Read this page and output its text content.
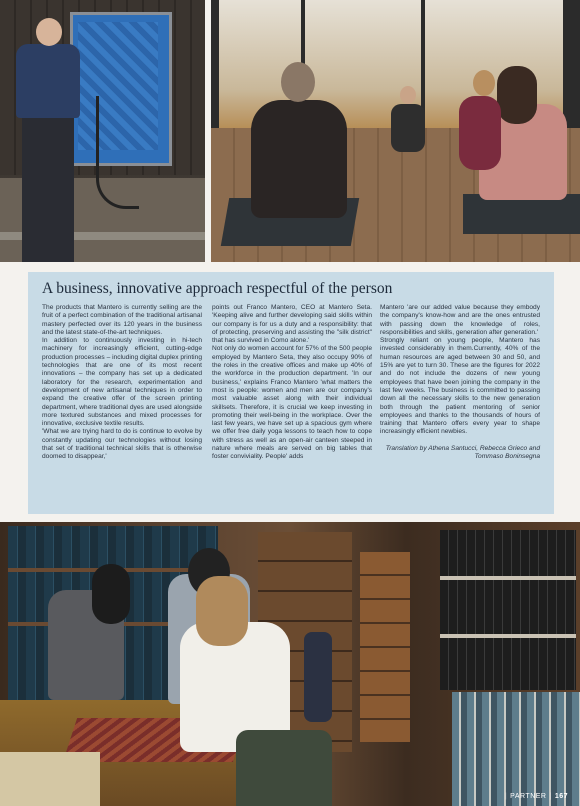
A business, innovative approach respectful of the person

The products that Mantero is currently selling are the fruit of a perfect combination of the traditional artisanal mastery perfected over its 120 years in the business and the latest state-of-the-art techniques.

In addition to continuously investing in hi-tech machinery for increasingly efficient, cutting-edge production processes – including digital duplex printing technologies that are one of its most recent innovations – the company has set up a dedicated laboratory for the research, experimentation and development of new artisanal techniques in order to expand the creative offer of the screen printing department, where traditional dyes are used alongside more textured substances and mixed processes for innovative, exclusive textile results.

'What we are trying hard to do is continue to evolve by constantly updating our technologies without losing that set of traditional technical skills that is otherwise doomed to disappear,'

points out Franco Mantero, CEO at Mantero Seta. 'Keeping alive and further developing said skills within our company is for us a duty and a responsibility: that of protecting, preserving and assisting the "silk district" that has survived in Como alone.'

Not only do women account for 57% of the 500 people employed by Mantero Seta, they also occupy 90% of the roles in the creative offices and make up 40% of the workforce in the production department. 'In our business,' explains Franco Mantero 'what matters the most is people: women and men are our company's most valuable asset along with their individual skillsets. Therefore, it is crucial we keep investing in promoting their well-being in the workplace. Over the last few years, we have set up a spacious gym where we offer free daily yoga lessons to teach how to cope with stress as well as an open-air canteen steeped in nature where meals are served on big tables that foster conviviality. People' adds

Mantero 'are our added value because they embody the company's know-how and are the ones entrusted with passing down the knowledge of roles, responsibilities and skills, generation after generation.'

Strongly reliant on young people, Mantero has invested considerably in them.Currently, 40% of the human resources are aged between 30 and 50, and 15% are yet to turn 30. These are the figures for 2022 and do not include the dozens of new young employees that have been joining the company in the last few weeks. The business is committed to passing down all the necessary skills to the new generation both through the patient mentoring of senior employees and thanks to the thousands of hours of training that Mantero offers every year to shape increasingly efficient newbies.

Translation by Athena Santucci, Rebecca Grieco and Tommaso Boninsegna

| PARTNER | 167
